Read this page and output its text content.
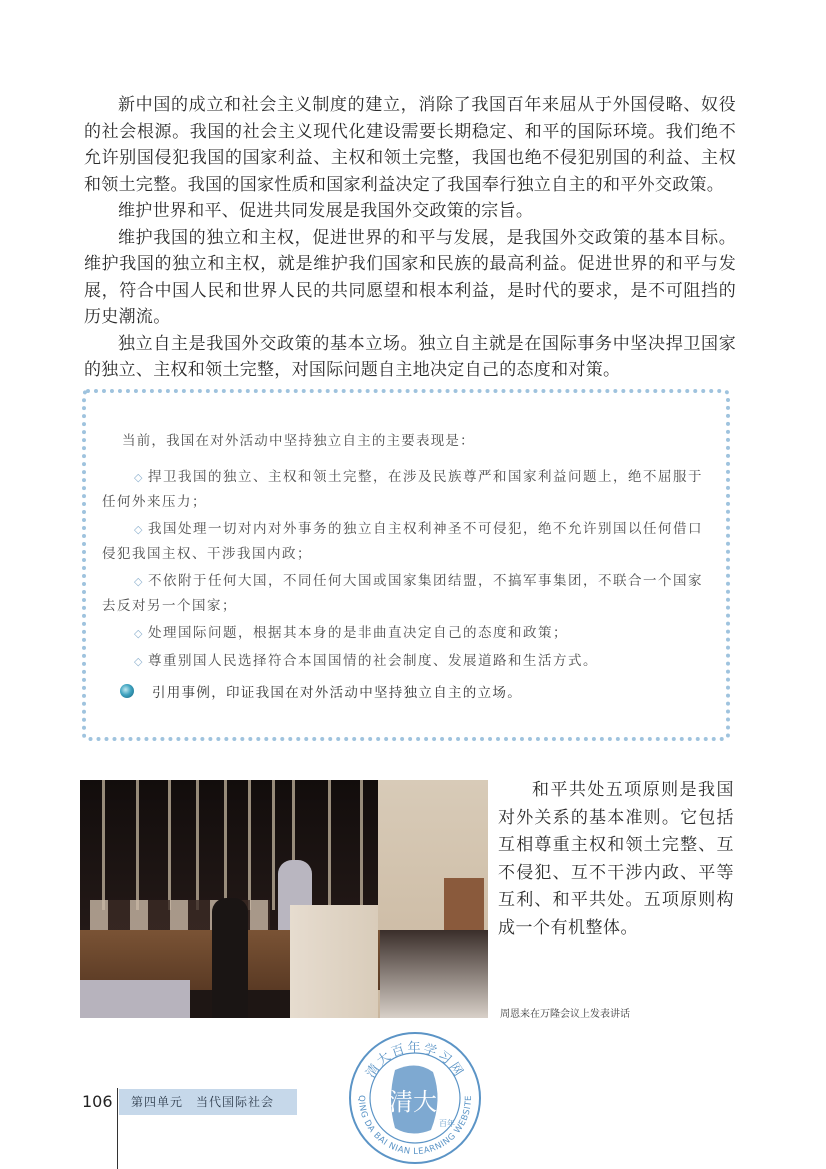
新中国的成立和社会主义制度的建立，消除了我国百年来屈从于外国侵略、奴役的社会根源。我国的社会主义现代化建设需要长期稳定、和平的国际环境。我们绝不允许别国侵犯我国的国家利益、主权和领土完整，我国也绝不侵犯别国的利益、主权和领土完整。我国的国家性质和国家利益决定了我国奉行独立自主的和平外交政策。

维护世界和平、促进共同发展是我国外交政策的宗旨。

维护我国的独立和主权，促进世界的和平与发展，是我国外交政策的基本目标。维护我国的独立和主权，就是维护我们国家和民族的最高利益。促进世界的和平与发展，符合中国人民和世界人民的共同愿望和根本利益，是时代的要求，是不可阻挡的历史潮流。

独立自主是我国外交政策的基本立场。独立自主就是在国际事务中坚决捍卫国家的独立、主权和领土完整，对国际问题自主地决定自己的态度和对策。

当前，我国在对外活动中坚持独立自主的主要表现是：
◇ 捍卫我国的独立、主权和领土完整，在涉及民族尊严和国家利益问题上，绝不屈服于任何外来压力；
◇ 我国处理一切对内对外事务的独立自主权利神圣不可侵犯，绝不允许别国以任何借口侵犯我国主权、干涉我国内政；
◇ 不依附于任何大国，不同任何大国或国家集团结盟，不搞军事集团，不联合一个国家去反对另一个国家；
◇ 处理国际问题，根据其本身的是非曲直决定自己的态度和政策；
◇ 尊重别国人民选择符合本国国情的社会制度、发展道路和生活方式。
引用事例，印证我国在对外活动中坚持独立自主的立场。
和平共处五项原则是我国对外关系的基本准则。它包括互相尊重主权和领土完整、互不侵犯、互不干涉内政、平等互利、和平共处。五项原则构成一个有机整体。
周恩来在万隆会议上发表讲话
106	第四单元　当代国际社会
清大百年学习网
QING DA BAI NIAN LEARNING WEBSITE
清大
百年
